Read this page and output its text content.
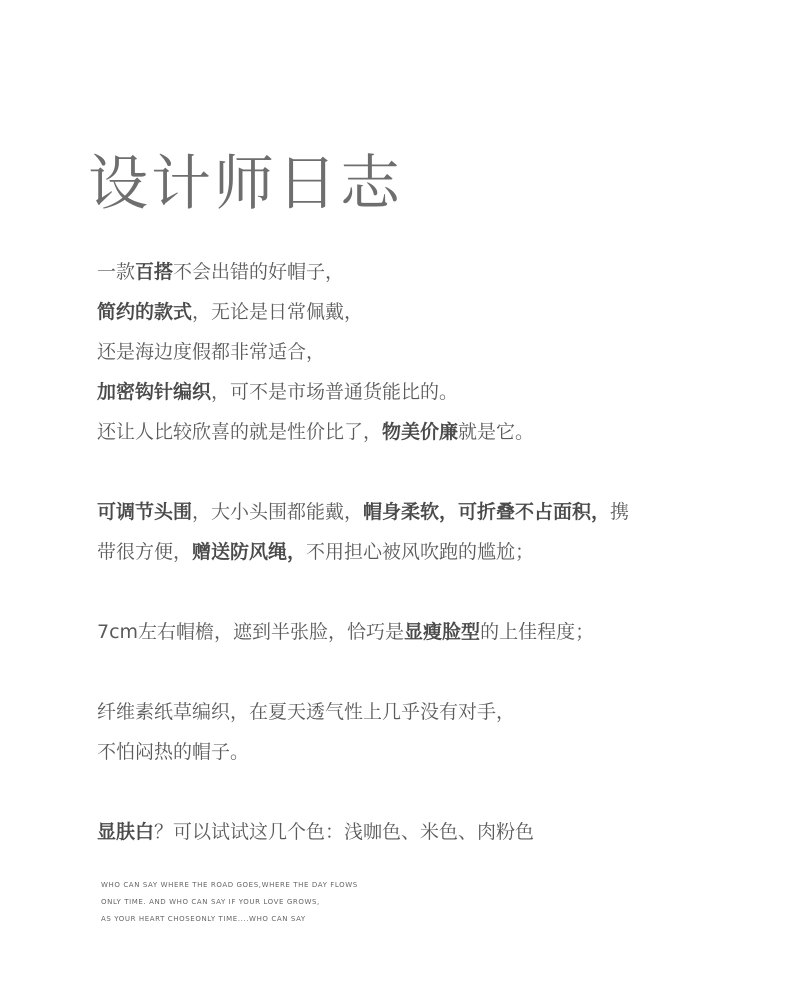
设计师日志
一款百搭不会出错的好帽子，
简约的款式，无论是日常佩戴，
还是海边度假都非常适合，
加密钩针编织，可不是市场普通货能比的。
还让人比较欣喜的就是性价比了，物美价廉就是它。
可调节头围，大小头围都能戴，帽身柔软，可折叠不占面积，携
带很方便，赠送防风绳，不用担心被风吹跑的尴尬；
7cm左右帽檐，遮到半张脸，恰巧是显瘦脸型的上佳程度；
纤维素纸草编织，在夏天透气性上几乎没有对手，
不怕闷热的帽子。
显肤白？可以试试这几个色：浅咖色、米色、肉粉色
WHO CAN SAY WHERE THE ROAD GOES,WHERE THE DAY FLOWS
ONLY TIME. AND WHO CAN SAY IF YOUR LOVE GROWS,
AS YOUR HEART CHOSEONLY TIME....WHO CAN SAY
